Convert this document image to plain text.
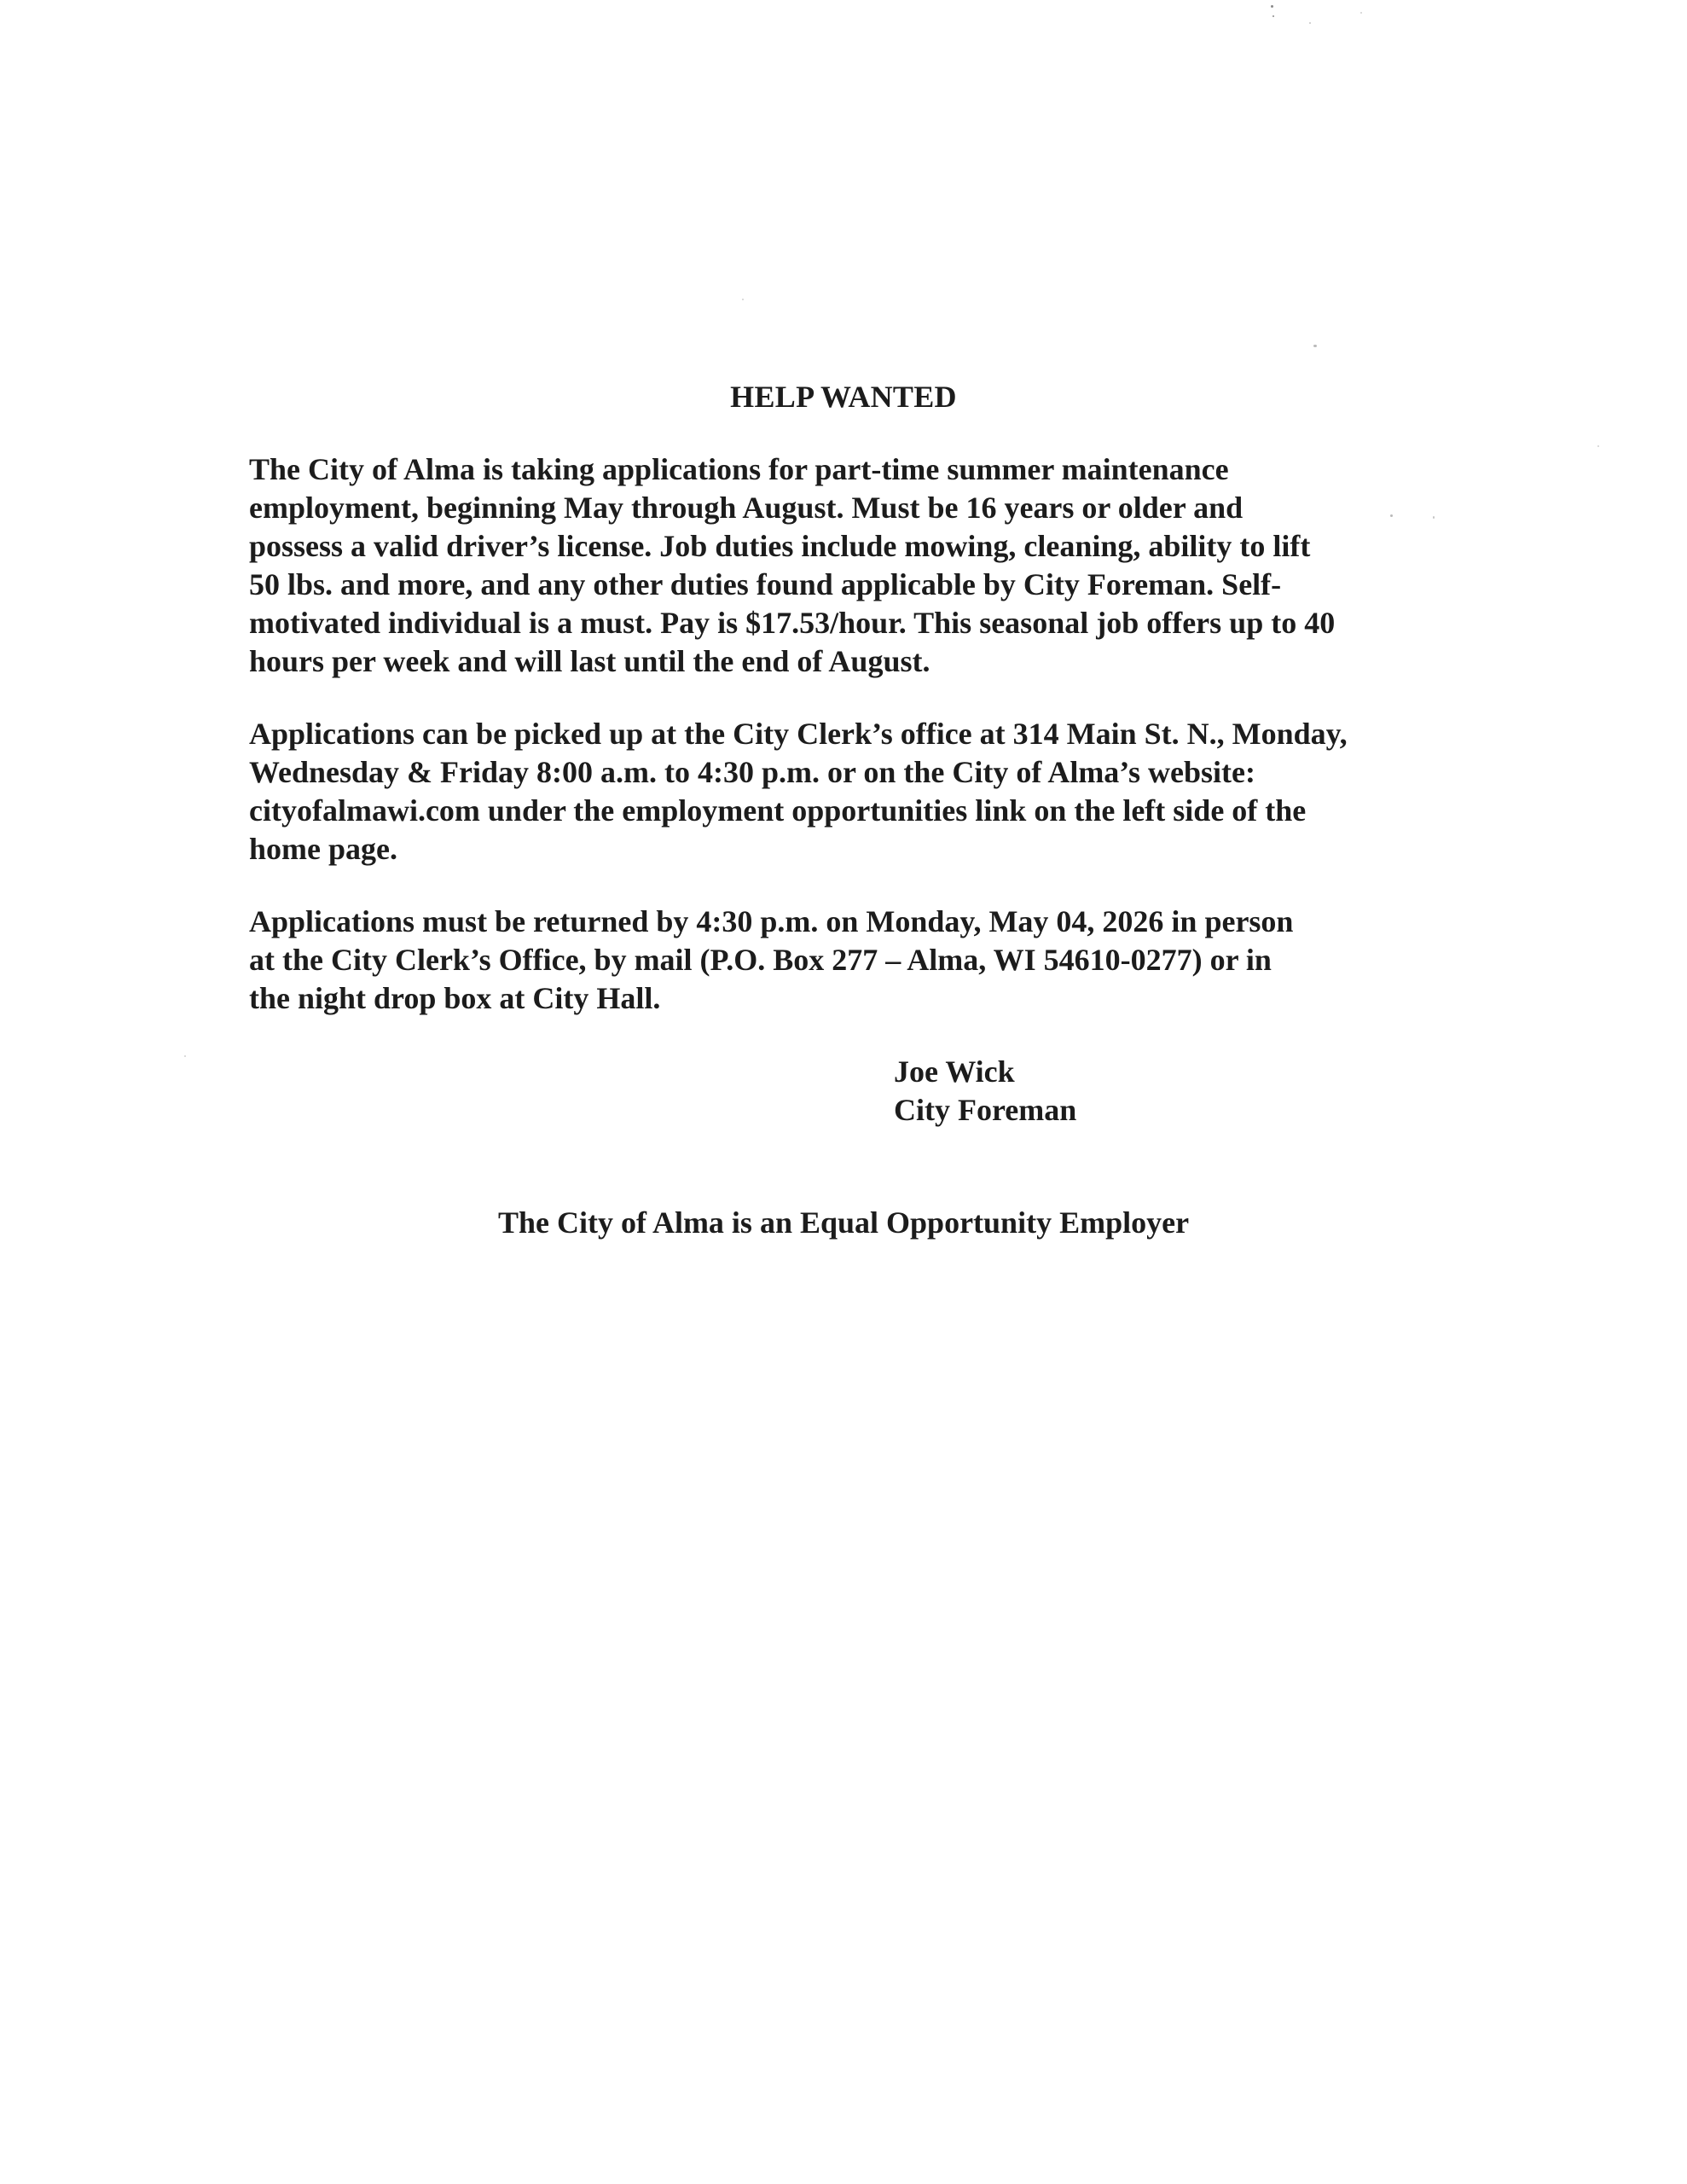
HELP WANTED
The City of Alma is taking applications for part-time summer maintenance
employment, beginning May through August. Must be 16 years or older and
possess a valid driver’s license. Job duties include mowing, cleaning, ability to lift
50 lbs. and more, and any other duties found applicable by City Foreman. Self-
motivated individual is a must. Pay is $17.53/hour. This seasonal job offers up to 40
hours per week and will last until the end of August.
Applications can be picked up at the City Clerk’s office at 314 Main St. N., Monday,
Wednesday & Friday 8:00 a.m. to 4:30 p.m. or on the City of Alma’s website:
cityofalmawi.com under the employment opportunities link on the left side of the
home page.
Applications must be returned by 4:30 p.m. on Monday, May 04, 2026 in person
at the City Clerk’s Office, by mail (P.O. Box 277 – Alma, WI 54610-0277) or in
the night drop box at City Hall.
Joe Wick
City Foreman
The City of Alma is an Equal Opportunity Employer
